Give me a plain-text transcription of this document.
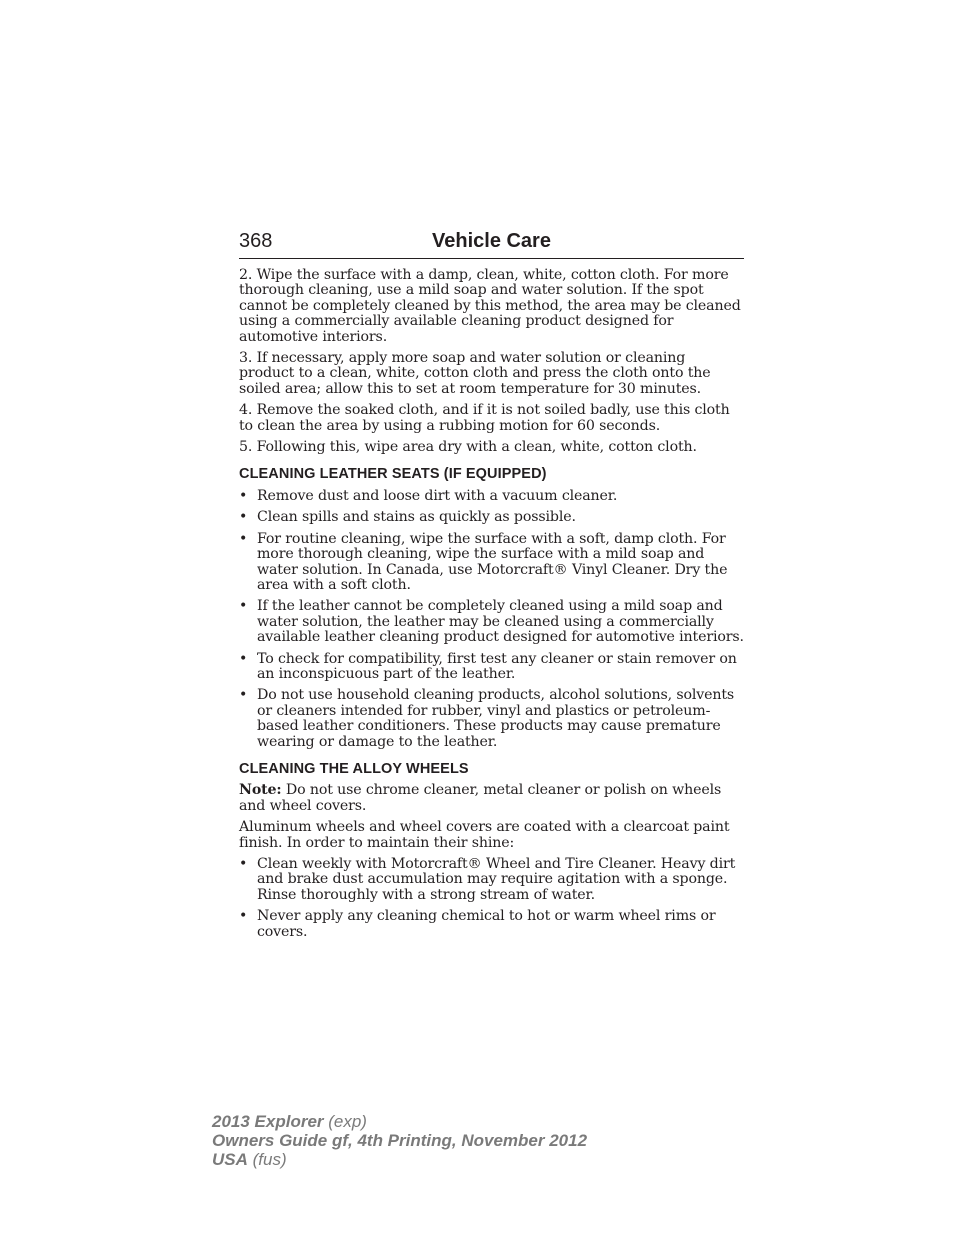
368	Vehicle Care

2. Wipe the surface with a damp, clean, white, cotton cloth. For more thorough cleaning, use a mild soap and water solution. If the spot cannot be completely cleaned by this method, the area may be cleaned using a commercially available cleaning product designed for automotive interiors.

3. If necessary, apply more soap and water solution or cleaning product to a clean, white, cotton cloth and press the cloth onto the soiled area; allow this to set at room temperature for 30 minutes.

4. Remove the soaked cloth, and if it is not soiled badly, use this cloth to clean the area by using a rubbing motion for 60 seconds.

5. Following this, wipe area dry with a clean, white, cotton cloth.

CLEANING LEATHER SEATS (IF EQUIPPED)
• Remove dust and loose dirt with a vacuum cleaner.
• Clean spills and stains as quickly as possible.
• For routine cleaning, wipe the surface with a soft, damp cloth. For more thorough cleaning, wipe the surface with a mild soap and water solution. In Canada, use Motorcraft® Vinyl Cleaner. Dry the area with a soft cloth.
• If the leather cannot be completely cleaned using a mild soap and water solution, the leather may be cleaned using a commercially available leather cleaning product designed for automotive interiors.
• To check for compatibility, first test any cleaner or stain remover on an inconspicuous part of the leather.
• Do not use household cleaning products, alcohol solutions, solvents or cleaners intended for rubber, vinyl and plastics or petroleum-based leather conditioners. These products may cause premature wearing or damage to the leather.
CLEANING THE ALLOY WHEELS

Note: Do not use chrome cleaner, metal cleaner or polish on wheels and wheel covers.

Aluminum wheels and wheel covers are coated with a clearcoat paint finish. In order to maintain their shine:

• Clean weekly with Motorcraft® Wheel and Tire Cleaner. Heavy dirt and brake dust accumulation may require agitation with a sponge. Rinse thoroughly with a strong stream of water.
• Never apply any cleaning chemical to hot or warm wheel rims or covers.
2013 Explorer (exp)
Owners Guide gf, 4th Printing, November 2012
USA (fus)
